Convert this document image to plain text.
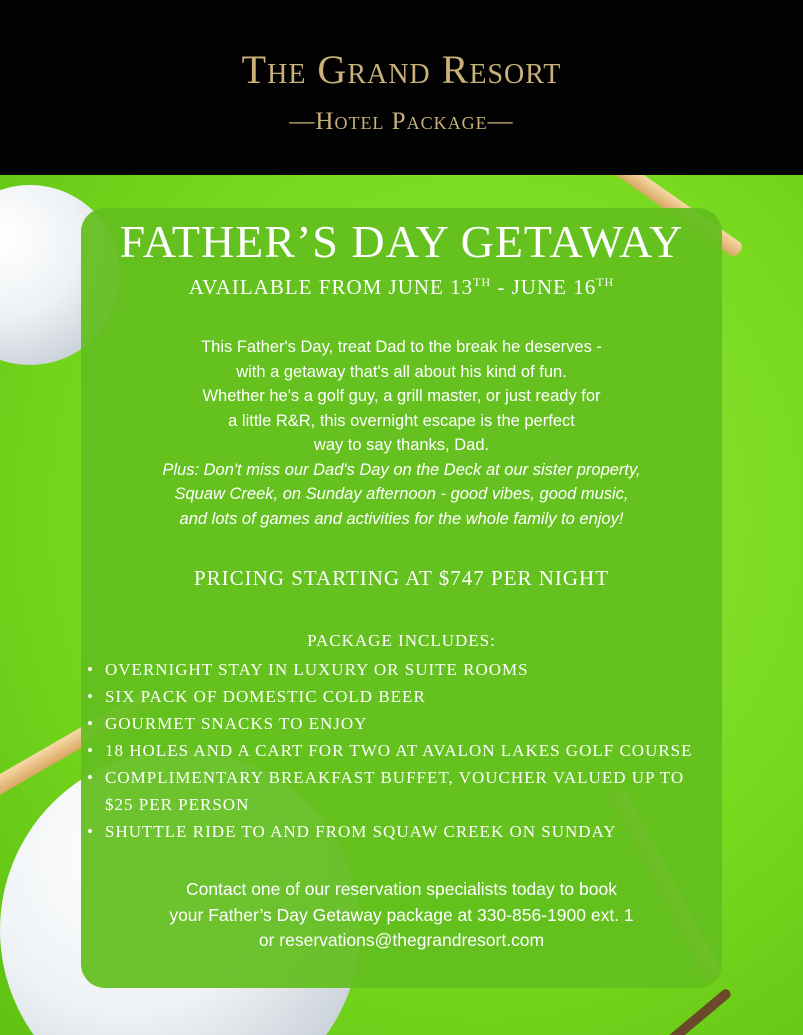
The Grand Resort
—Hotel Package—
FATHER’S DAY GETAWAY
AVAILABLE FROM JUNE 13TH - JUNE 16TH

This Father's Day, treat Dad to the break he deserves -

with a getaway that's all about his kind of fun.

Whether he's a golf guy, a grill master, or just ready for

a little R&R, this overnight escape is the perfect

way to say thanks, Dad.

Plus: Don't miss our Dad's Day on the Deck at our sister property,

Squaw Creek, on Sunday afternoon - good vibes, good music,

and lots of games and activities for the whole family to enjoy!

PRICING STARTING AT $747 PER NIGHT
PACKAGE INCLUDES:
• OVERNIGHT STAY IN LUXURY OR SUITE ROOMS
• SIX PACK OF DOMESTIC COLD BEER
• GOURMET SNACKS TO ENJOY
• 18 HOLES AND A CART FOR TWO AT AVALON LAKES GOLF COURSE
• COMPLIMENTARY BREAKFAST BUFFET, VOUCHER VALUED UP TO $25 PER PERSON
• SHUTTLE RIDE TO AND FROM SQUAW CREEK ON SUNDAY

Contact one of our reservation specialists today to book

your Father’s Day Getaway package at 330-856-1900 ext. 1

or reservations@thegrandresort.com
